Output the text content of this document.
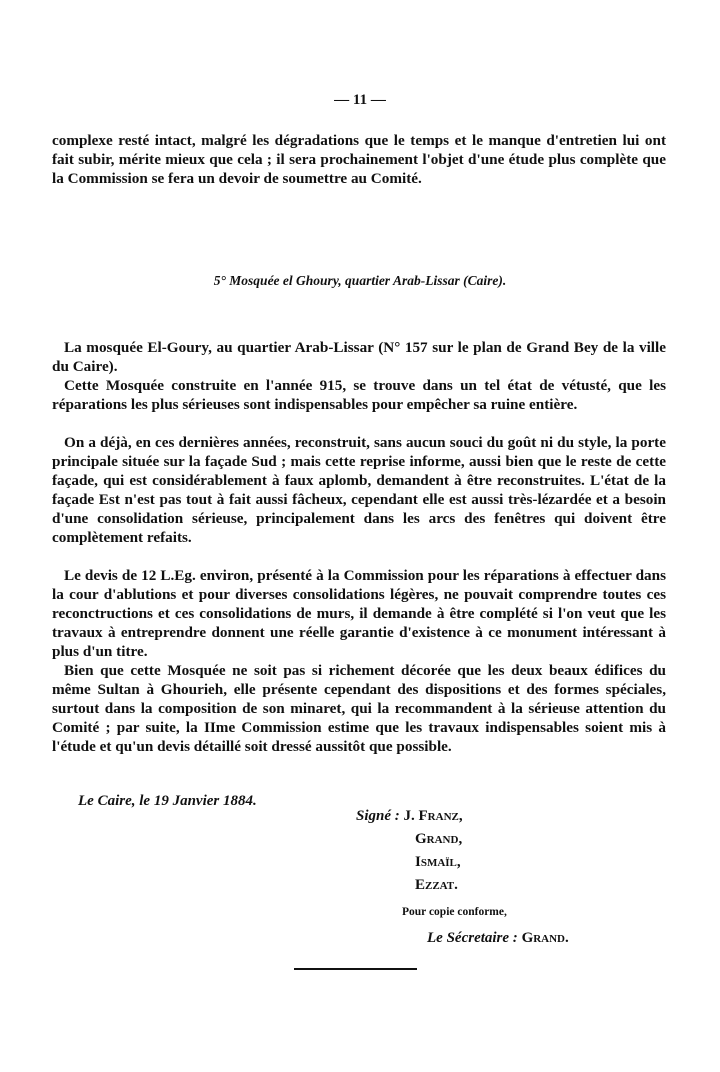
— 11 —
complexe resté intact, malgré les dégradations que le temps et le manque d'entretien lui ont fait subir, mérite mieux que cela ; il sera prochainement l'objet d'une étude plus complète que la Commission se fera un devoir de soumettre au Comité.
5° Mosquée el Ghoury, quartier Arab-Lissar (Caire).
La mosquée El-Goury, au quartier Arab-Lissar (N° 157 sur le plan de Grand Bey de la ville du Caire).
Cette Mosquée construite en l'année 915, se trouve dans un tel état de vétusté, que les réparations les plus sérieuses sont indispensables pour empêcher sa ruine entière.
On a déjà, en ces dernières années, reconstruit, sans aucun souci du goût ni du style, la porte principale située sur la façade Sud ; mais cette reprise informe, aussi bien que le reste de cette façade, qui est considérablement à faux aplomb, demandent à être reconstruites. L'état de la façade Est n'est pas tout à fait aussi fâcheux, cependant elle est aussi très-lézardée et a besoin d'une consolidation sérieuse, principalement dans les arcs des fenêtres qui doivent être complètement refaits.
Le devis de 12 L.Eg. environ, présenté à la Commission pour les réparations à effectuer dans la cour d'ablutions et pour diverses consolidations légères, ne pouvait comprendre toutes ces reconctructions et ces consolidations de murs, il demande à être complété si l'on veut que les travaux à entreprendre donnent une réelle garantie d'existence à ce monument intéressant à plus d'un titre.
Bien que cette Mosquée ne soit pas si richement décorée que les deux beaux édifices du même Sultan à Ghourieh, elle présente cependant des dispositions et des formes spéciales, surtout dans la composition de son minaret, qui la recommandent à la sérieuse attention du Comité ; par suite, la IIme Commission estime que les travaux indispensables soient mis à l'étude et qu'un devis détaillé soit dressé aussitôt que possible.
Le Caire, le 19 Janvier 1884.
Signé : J. Franz,
Grand,
Ismaïl,
Ezzat.
Pour copie conforme,
Le Sécretaire : Grand.
